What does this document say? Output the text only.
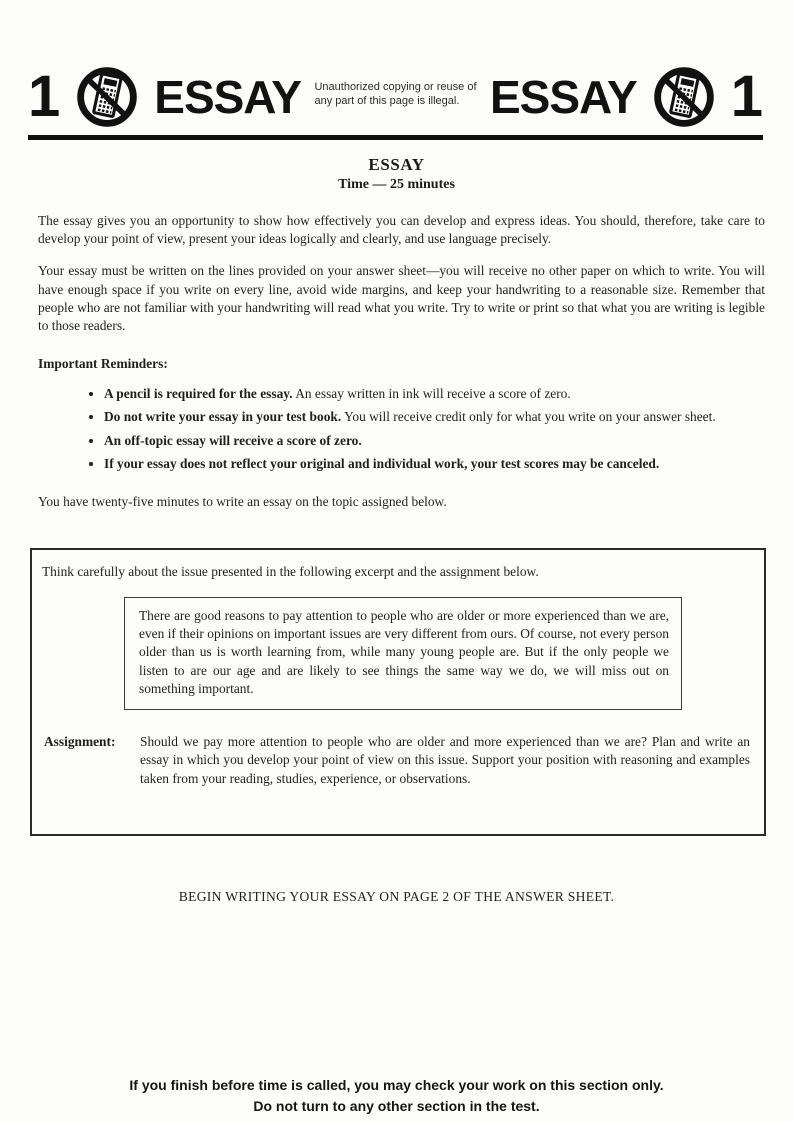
1 ESSAY Unauthorized copying or reuse of
any part of this page is illegal. ESSAY 1
ESSAY
Time — 25 minutes

The essay gives you an opportunity to show how effectively you can develop and express ideas. You should, therefore, take care to develop your point of view, present your ideas logically and clearly, and use language precisely.

Your essay must be written on the lines provided on your answer sheet—you will receive no other paper on which to write. You will have enough space if you write on every line, avoid wide margins, and keep your handwriting to a reasonable size. Remember that people who are not familiar with your handwriting will read what you write. Try to write or print so that what you are writing is legible to those readers.

Important Reminders:

• A pencil is required for the essay. An essay written in ink will receive a score of zero.
• Do not write your essay in your test book. You will receive credit only for what you write on your answer sheet.
• An off-topic essay will receive a score of zero.
• If your essay does not reflect your original and individual work, your test scores may be canceled.

You have twenty-five minutes to write an essay on the topic assigned below.

Think carefully about the issue presented in the following excerpt and the assignment below.

There are good reasons to pay attention to people who are older or more experienced than we are, even if their opinions on important issues are very different from ours. Of course, not every person older than us is worth learning from, while many young people are. But if the only people we listen to are our age and are likely to see things the same way we do, we will miss out on something important.

Assignment:	Should we pay more attention to people who are older and more experienced than we are? Plan and write an essay in which you develop your point of view on this issue. Support your position with reasoning and examples taken from your reading, studies, experience, or observations.

BEGIN WRITING YOUR ESSAY ON PAGE 2 OF THE ANSWER SHEET.

If you finish before time is called, you may check your work on this section only.
Do not turn to any other section in the test.
